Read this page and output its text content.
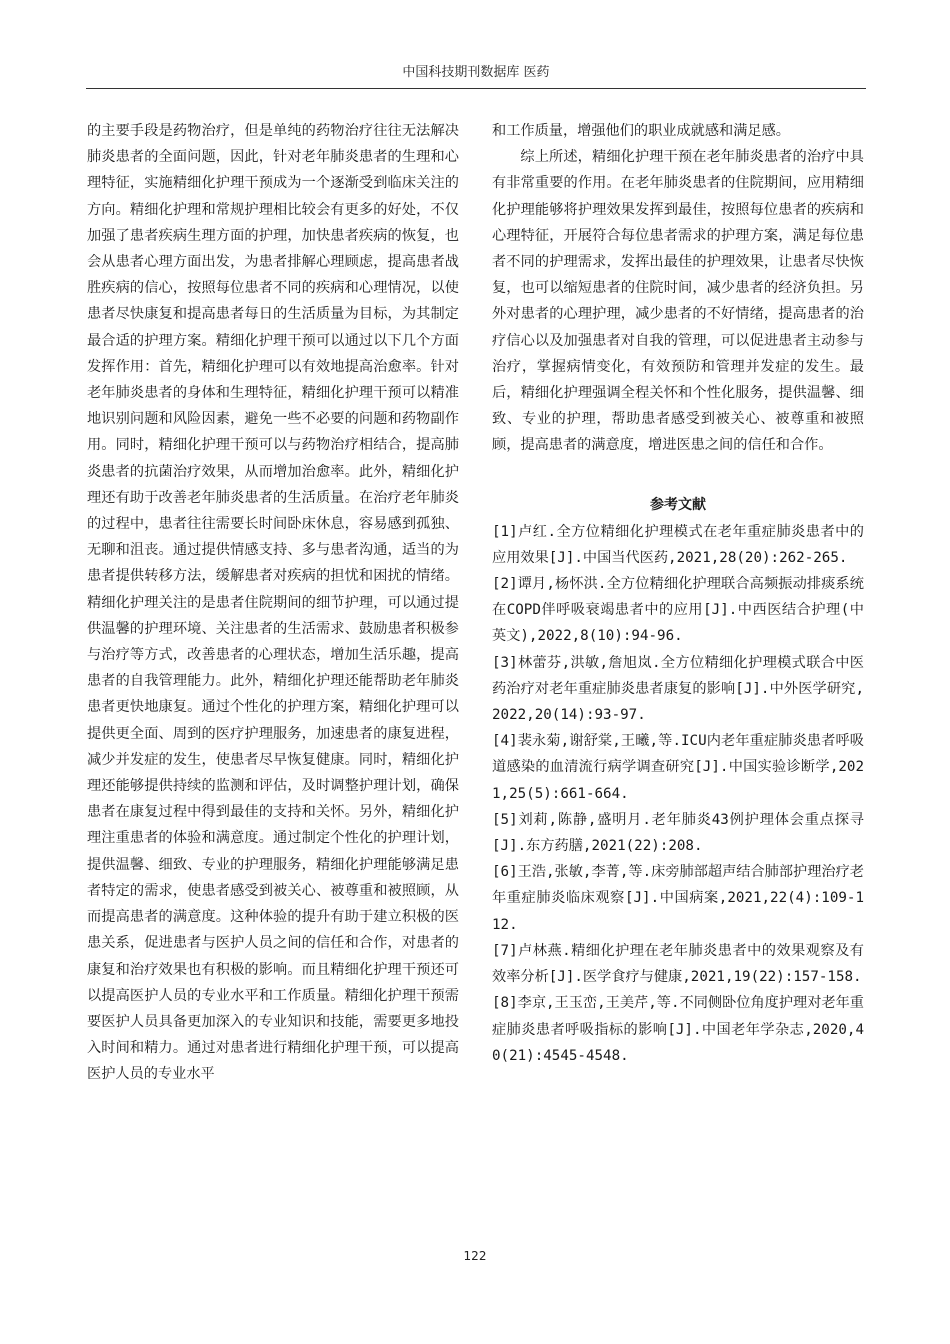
中国科技期刊数据库 医药

的主要手段是药物治疗，但是单纯的药物治疗往往无法解决肺炎患者的全面问题，因此，针对老年肺炎患者的生理和心理特征，实施精细化护理干预成为一个逐渐受到临床关注的方向。精细化护理和常规护理相比较会有更多的好处，不仅加强了患者疾病生理方面的护理，加快患者疾病的恢复，也会从患者心理方面出发，为患者排解心理顾虑，提高患者战胜疾病的信心，按照每位患者不同的疾病和心理情况，以使患者尽快康复和提高患者每日的生活质量为目标，为其制定最合适的护理方案。精细化护理干预可以通过以下几个方面发挥作用：首先，精细化护理可以有效地提高治愈率。针对老年肺炎患者的身体和生理特征，精细化护理干预可以精准地识别问题和风险因素，避免一些不必要的问题和药物副作用。同时，精细化护理干预可以与药物治疗相结合，提高肺炎患者的抗菌治疗效果，从而增加治愈率。此外，精细化护理还有助于改善老年肺炎患者的生活质量。在治疗老年肺炎的过程中，患者往往需要长时间卧床休息，容易感到孤独、无聊和沮丧。通过提供情感支持、多与患者沟通，适当的为患者提供转移方法，缓解患者对疾病的担忧和困扰的情绪。精细化护理关注的是患者住院期间的细节护理，可以通过提供温馨的护理环境、关注患者的生活需求、鼓励患者积极参与治疗等方式，改善患者的心理状态，增加生活乐趣，提高患者的自我管理能力。此外，精细化护理还能帮助老年肺炎患者更快地康复。通过个性化的护理方案，精细化护理可以提供更全面、周到的医疗护理服务，加速患者的康复进程，减少并发症的发生，使患者尽早恢复健康。同时，精细化护理还能够提供持续的监测和评估，及时调整护理计划，确保患者在康复过程中得到最佳的支持和关怀。另外，精细化护理注重患者的体验和满意度。通过制定个性化的护理计划，提供温馨、细致、专业的护理服务，精细化护理能够满足患者特定的需求，使患者感受到被关心、被尊重和被照顾，从而提高患者的满意度。这种体验的提升有助于建立积极的医患关系，促进患者与医护人员之间的信任和合作，对患者的康复和治疗效果也有积极的影响。而且精细化护理干预还可以提高医护人员的专业水平和工作质量。精细化护理干预需要医护人员具备更加深入的专业知识和技能，需要更多地投入时间和精力。通过对患者进行精细化护理干预，可以提高医护人员的专业水平

和工作质量，增强他们的职业成就感和满足感。

综上所述，精细化护理干预在老年肺炎患者的治疗中具有非常重要的作用。在老年肺炎患者的住院期间，应用精细化护理能够将护理效果发挥到最佳，按照每位患者的疾病和心理特征，开展符合每位患者需求的护理方案，满足每位患者不同的护理需求，发挥出最佳的护理效果，让患者尽快恢复，也可以缩短患者的住院时间，减少患者的经济负担。另外对患者的心理护理，减少患者的不好情绪，提高患者的治疗信心以及加强患者对自我的管理，可以促进患者主动参与治疗，掌握病情变化，有效预防和管理并发症的发生。最后，精细化护理强调全程关怀和个性化服务，提供温馨、细致、专业的护理，帮助患者感受到被关心、被尊重和被照顾，提高患者的满意度，增进医患之间的信任和合作。

参考文献

[1]卢红.全方位精细化护理模式在老年重症肺炎患者中的应用效果[J].中国当代医药,2021,28(20):262-265.

[2]谭月,杨怀洪.全方位精细化护理联合高频振动排痰系统在COPD伴呼吸衰竭患者中的应用[J].中西医结合护理(中英文),2022,8(10):94-96.

[3]林蕾芬,洪敏,詹旭岚.全方位精细化护理模式联合中医药治疗对老年重症肺炎患者康复的影响[J].中外医学研究,2022,20(14):93-97.

[4]裴永菊,谢舒棠,王曦,等.ICU内老年重症肺炎患者呼吸道感染的血清流行病学调查研究[J].中国实验诊断学,2021,25(5):661-664.

[5]刘莉,陈静,盛明月.老年肺炎43例护理体会重点探寻[J].东方药膳,2021(22):208.

[6]王浩,张敏,李菁,等.床旁肺部超声结合肺部护理治疗老年重症肺炎临床观察[J].中国病案,2021,22(4):109-112.

[7]卢林燕.精细化护理在老年肺炎患者中的效果观察及有效率分析[J].医学食疗与健康,2021,19(22):157-158.

[8]李京,王玉峦,王美芹,等.不同侧卧位角度护理对老年重症肺炎患者呼吸指标的影响[J].中国老年学杂志,2020,40(21):4545-4548.

122
